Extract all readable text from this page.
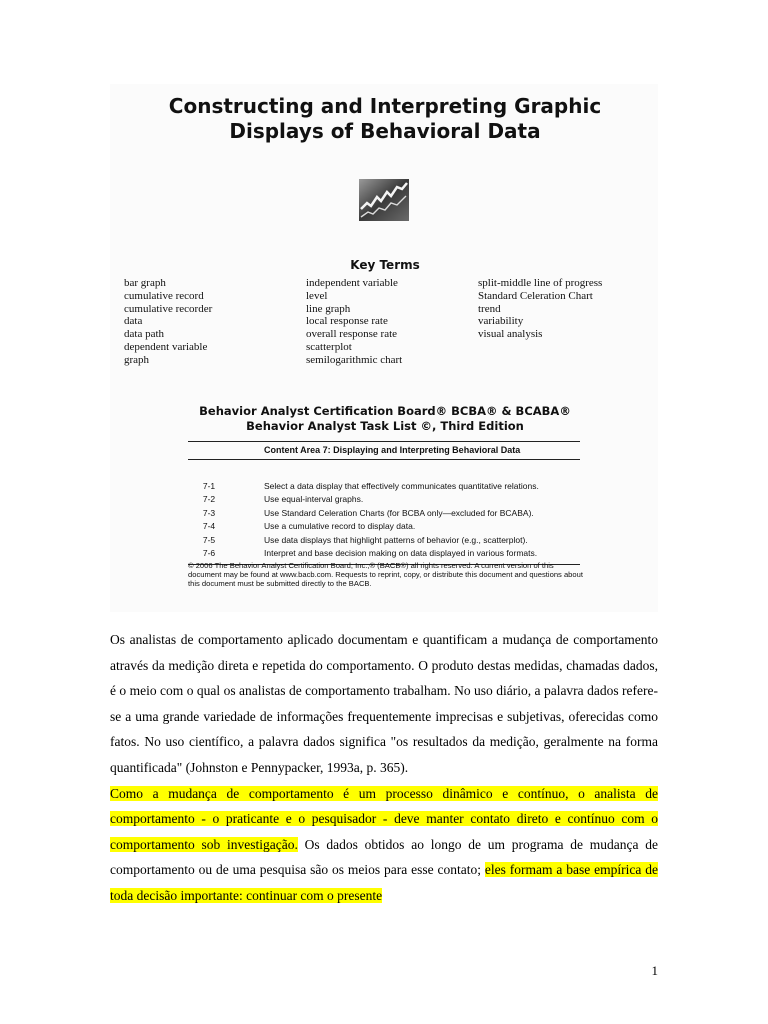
Constructing and Interpreting Graphic
Displays of Behavioral Data
Key Terms
bar graph
cumulative record
cumulative recorder
data
data path
dependent variable
graph
independent variable
level
line graph
local response rate
overall response rate
scatterplot
semilogarithmic chart
split-middle line of progress
Standard Celeration Chart
trend
variability
visual analysis
Behavior Analyst Certification Board® BCBA® & BCABA®
Behavior Analyst Task List ©, Third Edition
Content Area 7: Displaying and Interpreting Behavioral Data
7-1	Select a data display that effectively communicates quantitative relations.
7-2	Use equal-interval graphs.
7-3	Use Standard Celeration Charts (for BCBA only—excluded for BCABA).
7-4	Use a cumulative record to display data.
7-5	Use data displays that highlight patterns of behavior (e.g., scatterplot).
7-6	Interpret and base decision making on data displayed in various formats.
© 2006 The Behavior Analyst Certification Board, Inc.,® (BACB®) all rights reserved. A current version of this document may be found at www.bacb.com. Requests to reprint, copy, or distribute this document and questions about this document must be submitted directly to the BACB.

Os analistas de comportamento aplicado documentam e quantificam a mudança de comportamento através da medição direta e repetida do comportamento. O produto destas medidas, chamadas dados, é o meio com o qual os analistas de comportamento trabalham. No uso diário, a palavra dados refere-se a uma grande variedade de informações frequentemente imprecisas e subjetivas, oferecidas como fatos. No uso científico, a palavra dados significa "os resultados da medição, geralmente na forma quantificada" (Johnston e Pennypacker, 1993a, p. 365).

Como a mudança de comportamento é um processo dinâmico e contínuo, o analista de comportamento - o praticante e o pesquisador - deve manter contato direto e contínuo com o comportamento sob investigação. Os dados obtidos ao longo de um programa de mudança de comportamento ou de uma pesquisa são os meios para esse contato; eles formam a base empírica de toda decisão importante: continuar com o presente

1
